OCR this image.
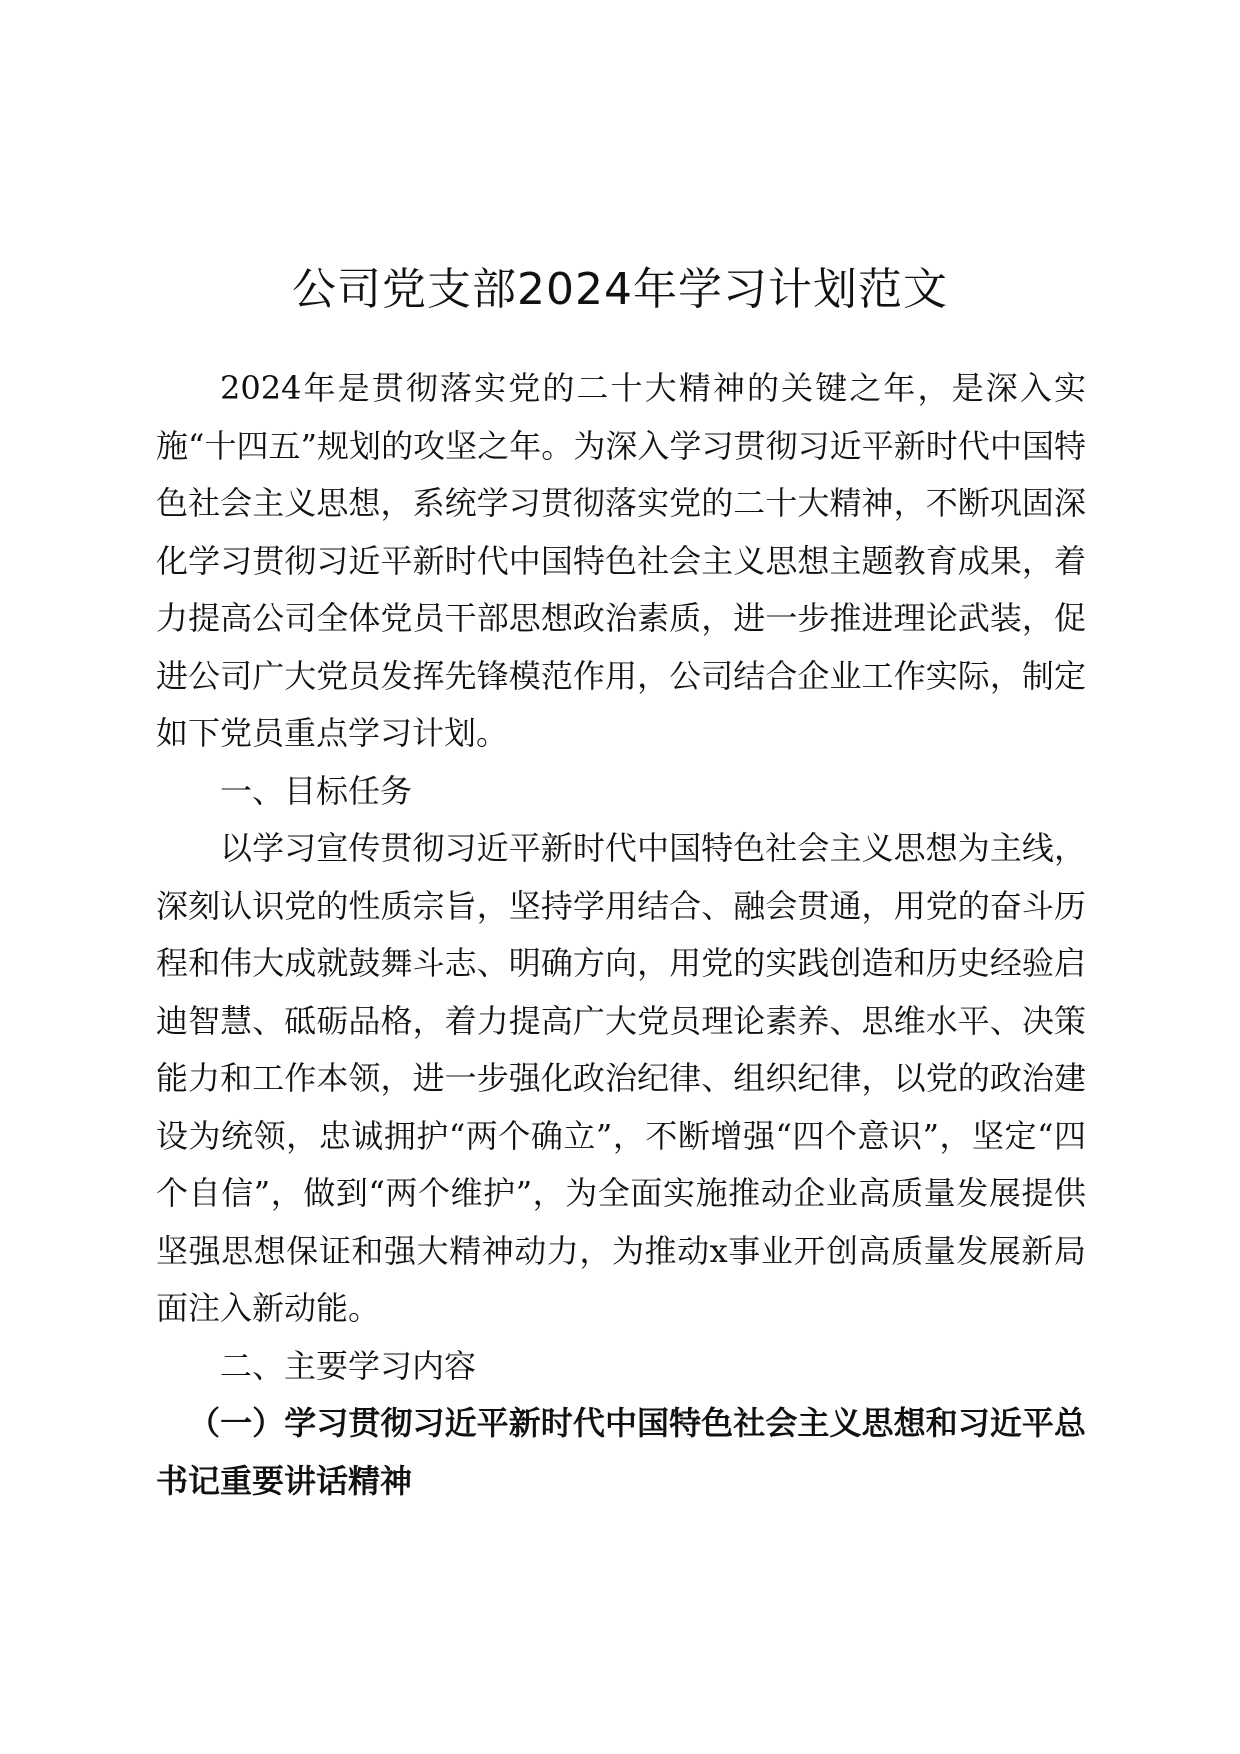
公司党支部2024年学习计划范文

2024年是贯彻落实党的二十大精神的关键之年，是深入实施“十四五”规划的攻坚之年。为深入学习贯彻习近平新时代中国特色社会主义思想，系统学习贯彻落实党的二十大精神，不断巩固深化学习贯彻习近平新时代中国特色社会主义思想主题教育成果，着力提高公司全体党员干部思想政治素质，进一步推进理论武装，促进公司广大党员发挥先锋模范作用，公司结合企业工作实际，制定如下党员重点学习计划。

一、目标任务

以学习宣传贯彻习近平新时代中国特色社会主义思想为主线，深刻认识党的性质宗旨，坚持学用结合、融会贯通，用党的奋斗历程和伟大成就鼓舞斗志、明确方向，用党的实践创造和历史经验启迪智慧、砥砺品格，着力提高广大党员理论素养、思维水平、决策能力和工作本领，进一步强化政治纪律、组织纪律，以党的政治建设为统领，忠诚拥护“两个确立”，不断增强“四个意识”，坚定“四个自信”，做到“两个维护”，为全面实施推动企业高质量发展提供坚强思想保证和强大精神动力，为推动x事业开创高质量发展新局面注入新动能。

二、主要学习内容

（一）学习贯彻习近平新时代中国特色社会主义思想和习近平总书记重要讲话精神
